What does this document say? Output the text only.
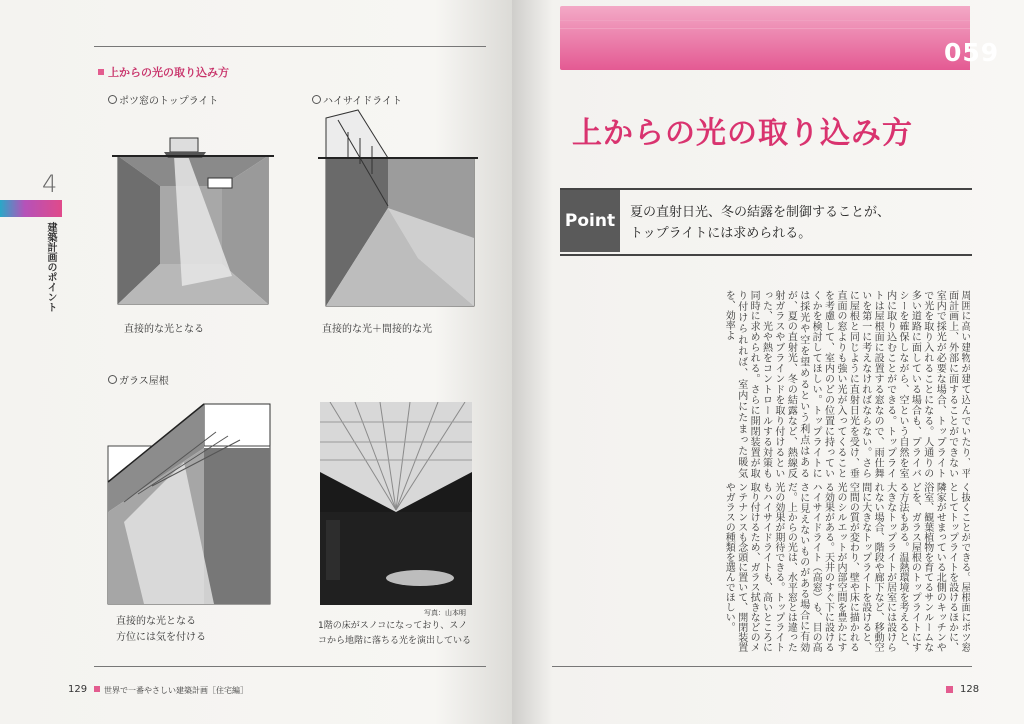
上からの光の取り込み方
4
建築計画のポイント
ポツ窓のトップライト
直接的な光となる
ハイサイドライト
直接的な光＋間接的な光
ガラス屋根
直接的な光となる
方位には気を付ける
写真：山本明
1階の床がスノコになっており、スノ
コから地階に落ちる光を演出している
129	世界で一番やさしい建築計画［住宅編］
059
上からの光の取り込み方
Point	夏の直射日光、冬の結露を制御することが、
トップライトには求められる。
周囲に高い建物が建て込んでいたり、平面計画上、外部に面することができない室内で採光が必要な場合、トップライトで光を取り入れることになる。人通りの多い道路に面している場合も、プライバシーを確保しながら、空という自然を室内に取り込むことができる。トップライトは屋根面に設置する窓なので、雨仕舞いを第一に考えなければならない。さらに屋根と同じように直射日光を受け、垂直面の窓よりも強い光が入ってくることを考慮して、室内のどの位置に持っていくかを検討してほしい。トップライトには採光や空を望めるという利点はあるが、夏の直射光、冬の結露など、熱線反射ガラスやブラインドを取り付けるといった、光や熱をコントロールする対策も同時に求められる。さらに開閉装置が取り付けられれば、室内にたまった暖気を、効率よ
く抜くことができる。屋根面にポツ窓としてトップライトを設けるほかに、隣家がせまっている北側のキッチンや浴室、観葉植物を育てるサンルームなどを、ガラス屋根のトップライトにする方法もある。温熱環境を考えると、大きなトップライトが居室には設けられない場合、階段や廊下など、移動空間に大きなトップライトを設けると、空間の質が変わり、壁や床に描かれる光のシルエットが内部空間を豊かにする効果がある。天井のすぐ下に設けるハイサイドライト（高窓）も、目の高さに見えないものがある場合に有効だ。上からの光は、水平窓とは違った光の効果が期待できる。トップライトもハイサイドライトも、高いところに取り付けるため、ガラス拭きなどのメンテナンスも念頭に置いて、開閉装置やガラスの種類を選んでほしい。
128
